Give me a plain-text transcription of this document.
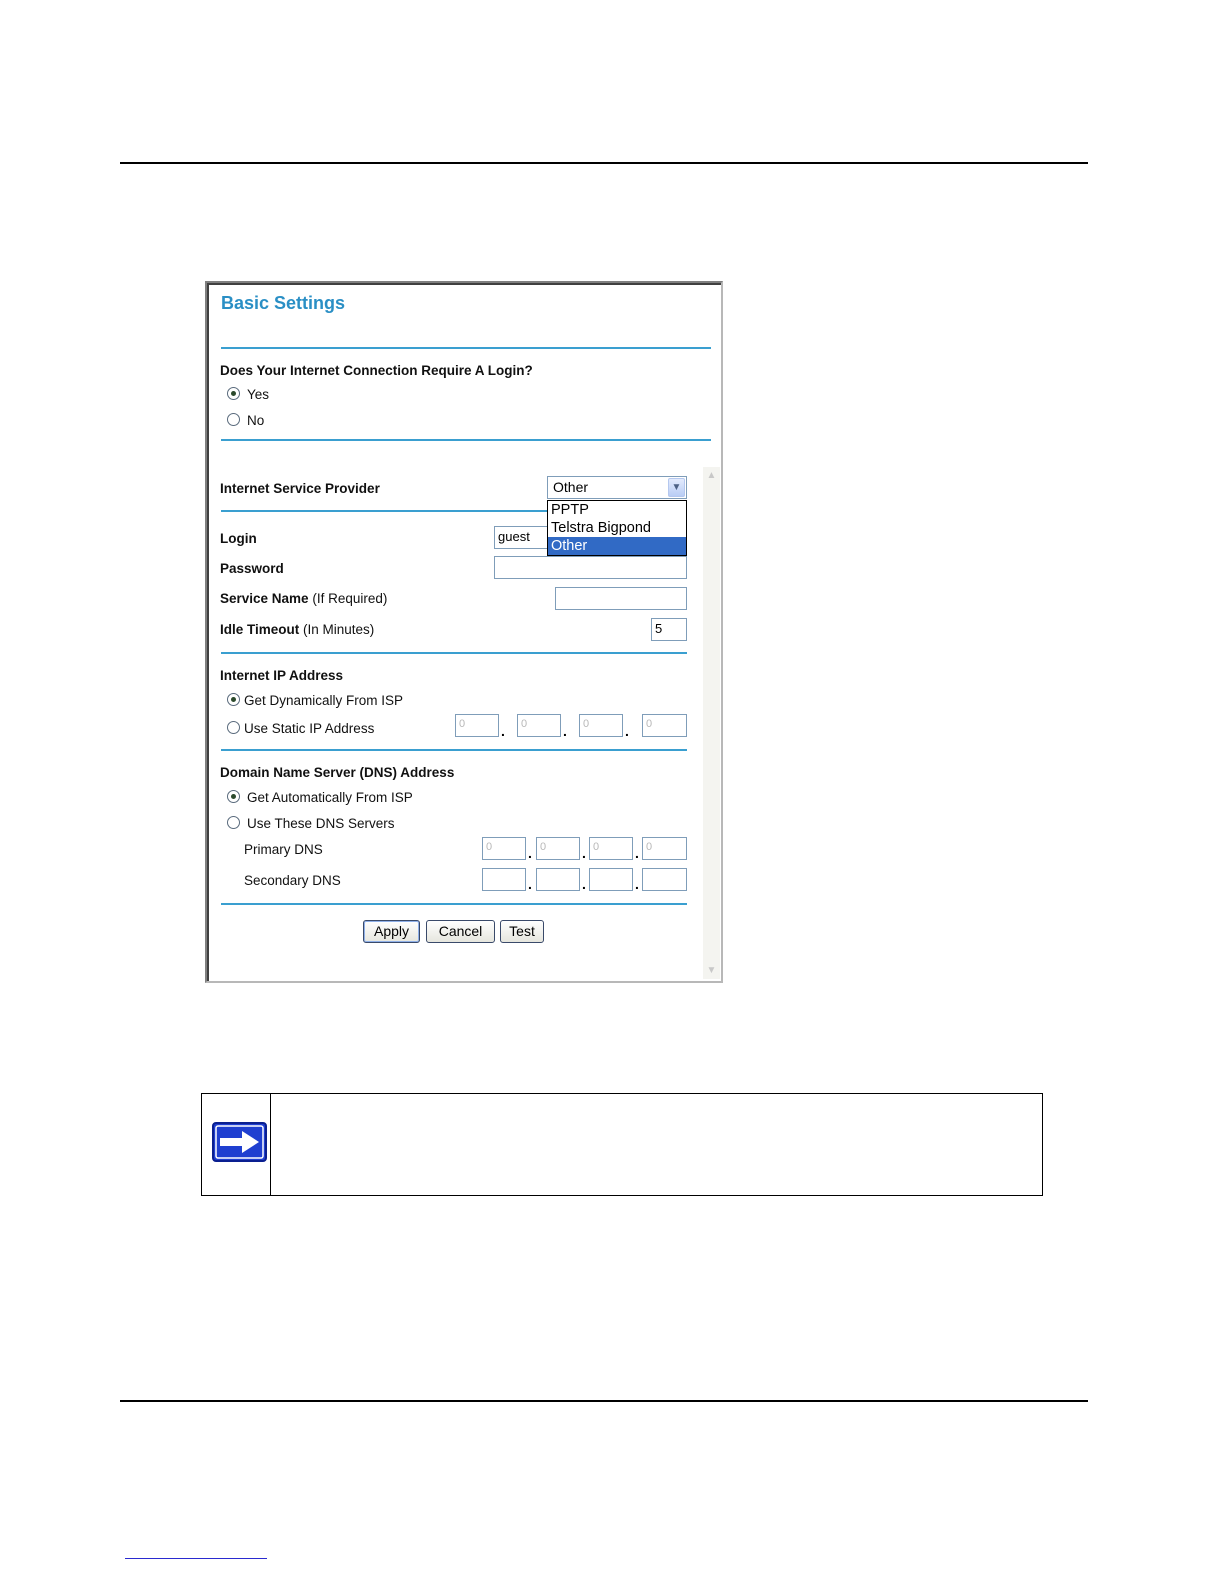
Basic Settings
Does Your Internet Connection Require A Login?
Yes
No
▲
▼
Internet Service Provider	Other	▼
Login	guest
Password
PPTP
Telstra Bigpond
Other
Service Name (If Required)
Idle Timeout (In Minutes)	5
Internet IP Address
Get Dynamically From ISP
Use Static IP Address	0	.	0	.	0	.	0
Domain Name Server (DNS) Address
Get Automatically From ISP
Use These DNS Servers
Primary DNS	0	. 0	. 0	. 0
Secondary DNS	.	.	.
Apply	Cancel	Test
